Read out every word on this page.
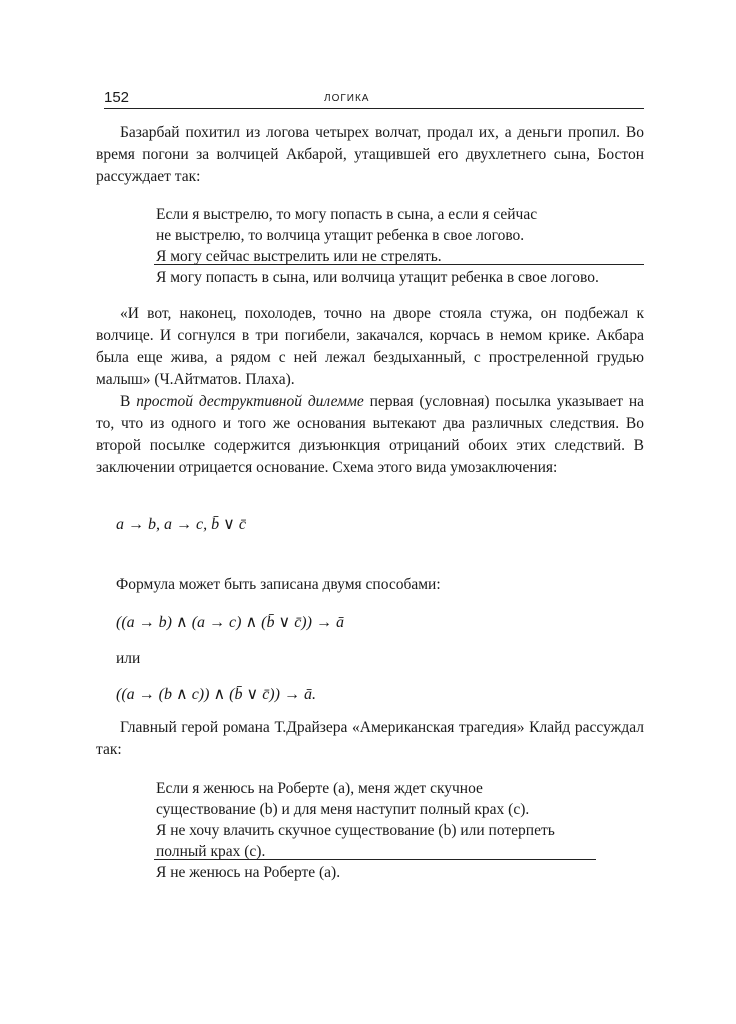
152	ЛОГИКА

Базарбай похитил из логова четырех волчат, продал их, а деньги пропил. Во время погони за волчицей Акбарой, утащившей его двухлетнего сына, Бостон рассуждает так:

Если я выстрелю, то могу попасть в сына, а если я сейчас

не выстрелю, то волчица утащит ребенка в свое логово.

Я могу сейчас выстрелить или не стрелять.

Я могу попасть в сына, или волчица утащит ребенка в свое логово.

«И вот, наконец, похолодев, точно на дворе стояла стужа, он подбежал к волчице. И согнулся в три погибели, закачался, корчась в немом крике. Акбара была еще жива, а рядом с ней лежал бездыханный, с простреленной грудью малыш» (Ч.Айтматов. Плаха).

В простой деструктивной дилемме первая (условная) посылка указывает на то, что из одного и того же основания вытекают два различных следствия. Во второй посылке содержится дизъюнкция отрицаний обоих этих следствий. В заключении отрицается основание. Схема этого вида умозаключения:

a → b, a → c, b̄ ∨ c̄
Формула может быть записана двумя способами:
((a → b) ∧ (a → c) ∧ (b̄ ∨ c̄)) → ā
или
((a → (b ∧ c)) ∧ (b̄ ∨ c̄)) → ā.

Главный герой романа Т.Драйзера «Американская трагедия» Клайд рассуждал так:

Если я женюсь на Роберте (а), меня ждет скучное

существование (b) и для меня наступит полный крах (с).

Я не хочу влачить скучное существование (b) или потерпеть

полный крах (с).

Я не женюсь на Роберте (а).
